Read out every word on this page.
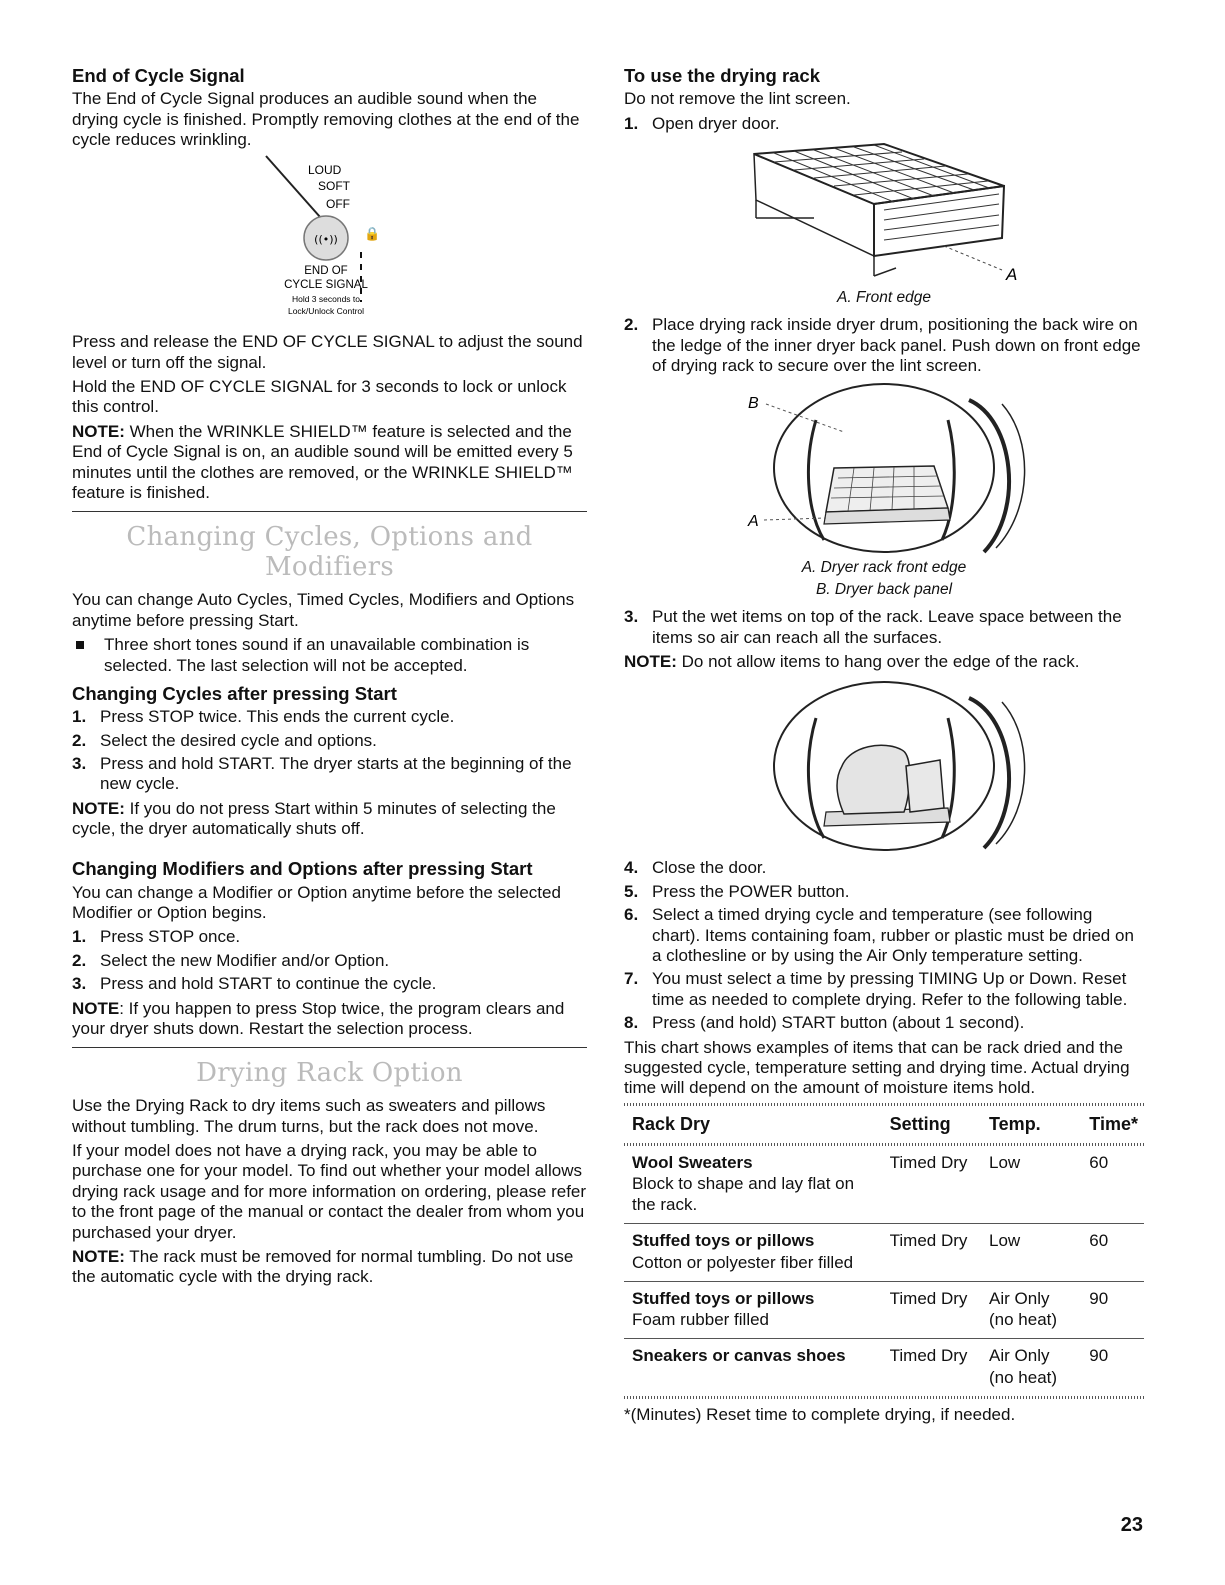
End of Cycle Signal

The End of Cycle Signal produces an audible sound when the drying cycle is finished. Promptly removing clothes at the end of the cycle reduces wrinkling.

LOUD
SOFT
OFF
((•)) 🔒
END OF
CYCLE SIGNAL
Hold 3 seconds to
Lock/Unlock Control

Press and release the END OF CYCLE SIGNAL to adjust the sound level or turn off the signal.

Hold the END OF CYCLE SIGNAL for 3 seconds to lock or unlock this control.

NOTE: When the WRINKLE SHIELD™ feature is selected and the End of Cycle Signal is on, an audible sound will be emitted every 5 minutes until the clothes are removed, or the WRINKLE SHIELD™ feature is finished.

Changing Cycles, Options and Modifiers

You can change Auto Cycles, Timed Cycles, Modifiers and Options anytime before pressing Start.

Three short tones sound if an unavailable combination is selected. The last selection will not be accepted.
Changing Cycles after pressing Start
1. Press STOP twice. This ends the current cycle.
2. Select the desired cycle and options.
3. Press and hold START. The dryer starts at the beginning of the new cycle.

NOTE: If you do not press Start within 5 minutes of selecting the cycle, the dryer automatically shuts off.

Changing Modifiers and Options after pressing Start

You can change a Modifier or Option anytime before the selected Modifier or Option begins.

1. Press STOP once.
2. Select the new Modifier and/or Option.
3. Press and hold START to continue the cycle.

NOTE: If you happen to press Stop twice, the program clears and your dryer shuts down. Restart the selection process.

Drying Rack Option

Use the Drying Rack to dry items such as sweaters and pillows without tumbling. The drum turns, but the rack does not move.

If your model does not have a drying rack, you may be able to purchase one for your model. To find out whether your model allows drying rack usage and for more information on ordering, please refer to the front page of the manual or contact the dealer from whom you purchased your dryer.

NOTE: The rack must be removed for normal tumbling. Do not use the automatic cycle with the drying rack.

To use the drying rack

Do not remove the lint screen.

1. Open dryer door.
A
A. Front edge
2. Place drying rack inside dryer drum, positioning the back wire on the ledge of the inner dryer back panel. Push down on front edge of drying rack to secure over the lint screen.
B
A
A. Dryer rack front edge
B. Dryer back panel
3. Put the wet items on top of the rack. Leave space between the items so air can reach all the surfaces.

NOTE: Do not allow items to hang over the edge of the rack.

4. Close the door.
5. Press the POWER button.
6. Select a timed drying cycle and temperature (see following chart). Items containing foam, rubber or plastic must be dried on a clothesline or by using the Air Only temperature setting.
7. You must select a time by pressing TIMING Up or Down. Reset time as needed to complete drying. Refer to the following table.
8. Press (and hold) START button (about 1 second).

This chart shows examples of items that can be rack dried and the suggested cycle, temperature setting and drying time. Actual drying time will depend on the amount of moisture items hold.

Rack Dry	Setting	Temp.	Time*

Wool Sweaters
Block to shape and lay flat on the rack.	Timed Dry	Low	60

Stuffed toys or pillows
Cotton or polyester fiber filled	Timed Dry	Low	60

Stuffed toys or pillows
Foam rubber filled	Timed Dry	Air Only (no heat)	90

Sneakers or canvas shoes	Timed Dry	Air Only (no heat)	90
*(Minutes) Reset time to complete drying, if needed.
23
